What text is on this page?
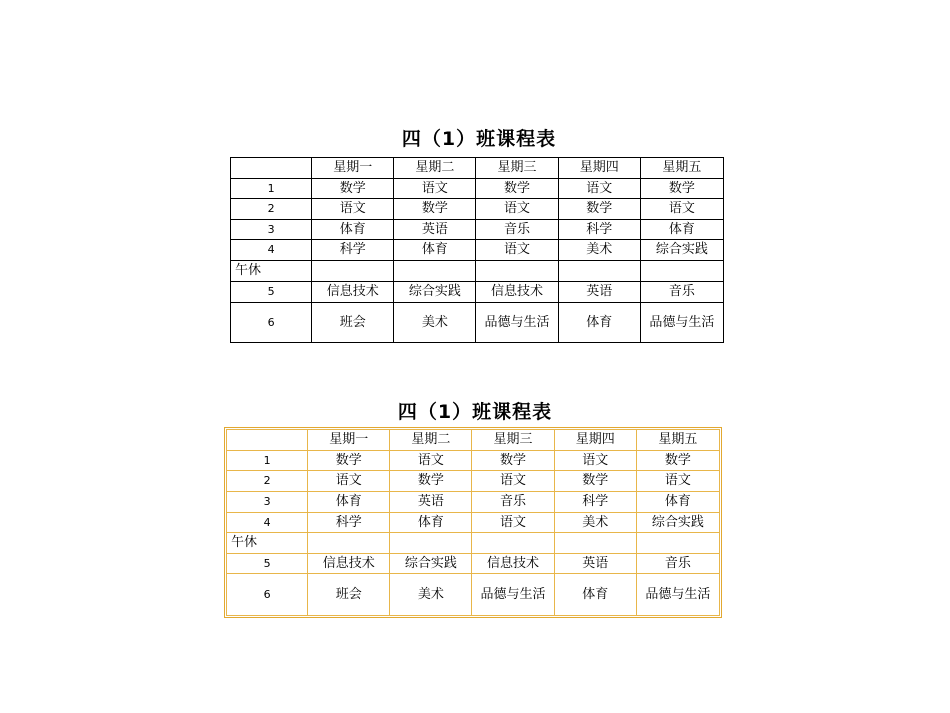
四（1）班课程表
	星期一	星期二	星期三	星期四	星期五
1	数学	语文	数学	语文	数学
2	语文	数学	语文	数学	语文
3	体育	英语	音乐	科学	体育
4	科学	体育	语文	美术	综合实践
午休					
5	信息技术	综合实践	信息技术	英语	音乐
6	班会	美术	品德与生活	体育	品德与生活
四（1）班课程表
	星期一	星期二	星期三	星期四	星期五
1	数学	语文	数学	语文	数学
2	语文	数学	语文	数学	语文
3	体育	英语	音乐	科学	体育
4	科学	体育	语文	美术	综合实践
午休					
5	信息技术	综合实践	信息技术	英语	音乐
6	班会	美术	品德与生活	体育	品德与生活
